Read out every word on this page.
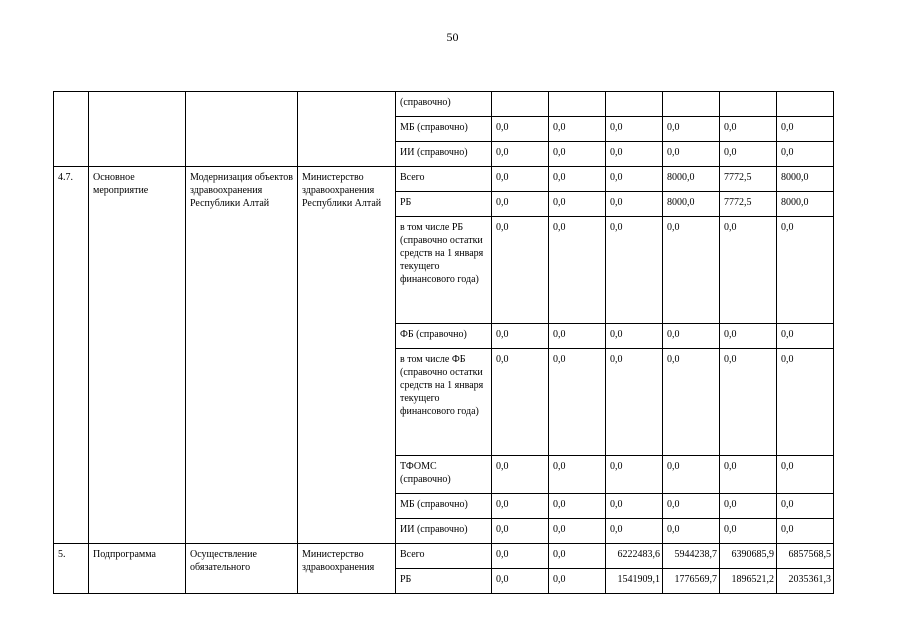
50
				(справочно)						
				МБ (справочно)	0,0	0,0	0,0	0,0	0,0	0,0
				ИИ (справочно)	0,0	0,0	0,0	0,0	0,0	0,0
4.7.	Основное мероприятие	Модернизация объектов здравоохранения Республики Алтай	Министерство здравоохранения Республики Алтай	Всего	0,0	0,0	0,0	8000,0	7772,5	8000,0
				РБ	0,0	0,0	0,0	8000,0	7772,5	8000,0
				в том числе РБ (справочно остатки средств на 1 января текущего финансового года)	0,0	0,0	0,0	0,0	0,0	0,0
				ФБ (справочно)	0,0	0,0	0,0	0,0	0,0	0,0
				в том числе ФБ (справочно остатки средств на 1 января текущего финансового года)	0,0	0,0	0,0	0,0	0,0	0,0
				ТФОМС (справочно)	0,0	0,0	0,0	0,0	0,0	0,0
				МБ (справочно)	0,0	0,0	0,0	0,0	0,0	0,0
				ИИ (справочно)	0,0	0,0	0,0	0,0	0,0	0,0
5.	Подпрограмма	Осуществление обязательного	Министерство здравоохранения	Всего	0,0	0,0	6222483,6	5944238,7	6390685,9	6857568,5
				РБ	0,0	0,0	1541909,1	1776569,7	1896521,2	2035361,3
